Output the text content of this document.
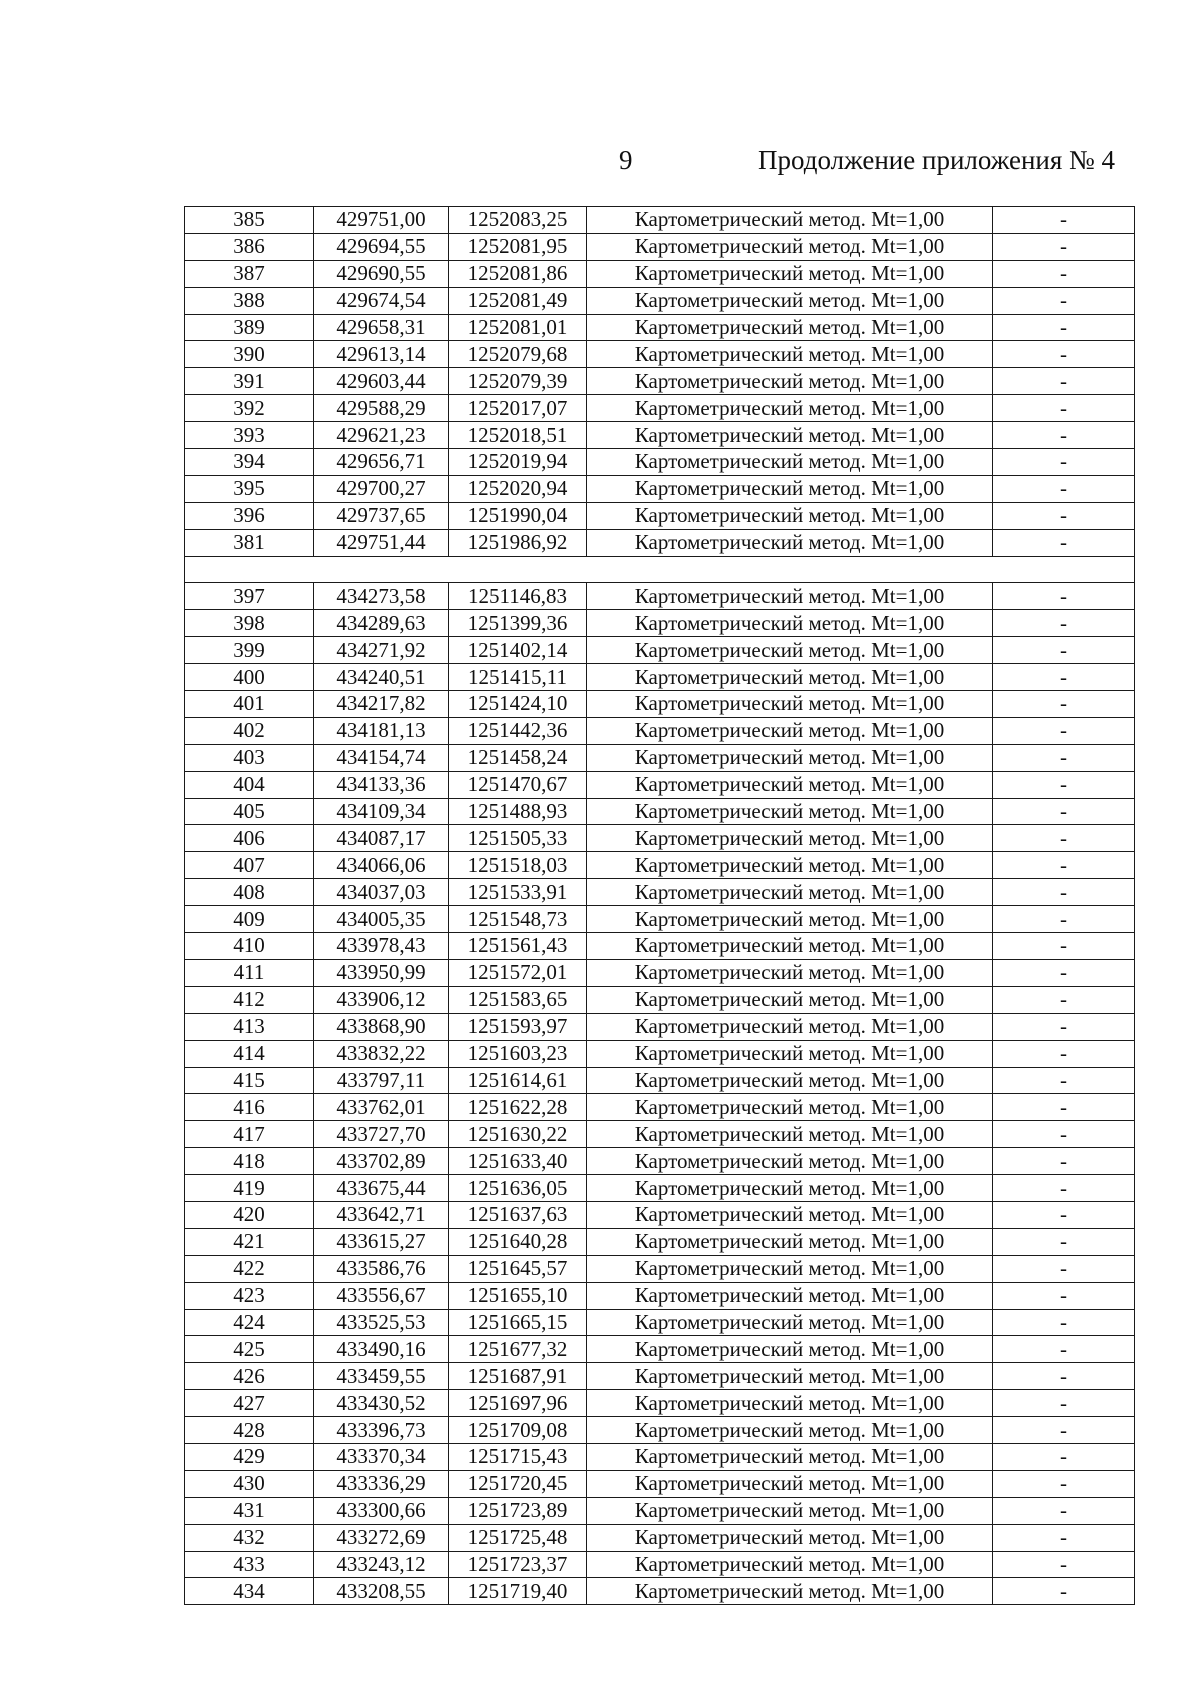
9	Продолжение приложения № 4
385	429751,00	1252083,25	Картометрический метод. Mt=1,00	-
386	429694,55	1252081,95	Картометрический метод. Mt=1,00	-
387	429690,55	1252081,86	Картометрический метод. Mt=1,00	-
388	429674,54	1252081,49	Картометрический метод. Mt=1,00	-
389	429658,31	1252081,01	Картометрический метод. Mt=1,00	-
390	429613,14	1252079,68	Картометрический метод. Mt=1,00	-
391	429603,44	1252079,39	Картометрический метод. Mt=1,00	-
392	429588,29	1252017,07	Картометрический метод. Mt=1,00	-
393	429621,23	1252018,51	Картометрический метод. Mt=1,00	-
394	429656,71	1252019,94	Картометрический метод. Mt=1,00	-
395	429700,27	1252020,94	Картометрический метод. Mt=1,00	-
396	429737,65	1251990,04	Картометрический метод. Mt=1,00	-
381	429751,44	1251986,92	Картометрический метод. Mt=1,00	-

397	434273,58	1251146,83	Картометрический метод. Mt=1,00	-
398	434289,63	1251399,36	Картометрический метод. Mt=1,00	-
399	434271,92	1251402,14	Картометрический метод. Mt=1,00	-
400	434240,51	1251415,11	Картометрический метод. Mt=1,00	-
401	434217,82	1251424,10	Картометрический метод. Mt=1,00	-
402	434181,13	1251442,36	Картометрический метод. Mt=1,00	-
403	434154,74	1251458,24	Картометрический метод. Mt=1,00	-
404	434133,36	1251470,67	Картометрический метод. Mt=1,00	-
405	434109,34	1251488,93	Картометрический метод. Mt=1,00	-
406	434087,17	1251505,33	Картометрический метод. Mt=1,00	-
407	434066,06	1251518,03	Картометрический метод. Mt=1,00	-
408	434037,03	1251533,91	Картометрический метод. Mt=1,00	-
409	434005,35	1251548,73	Картометрический метод. Mt=1,00	-
410	433978,43	1251561,43	Картометрический метод. Mt=1,00	-
411	433950,99	1251572,01	Картометрический метод. Mt=1,00	-
412	433906,12	1251583,65	Картометрический метод. Mt=1,00	-
413	433868,90	1251593,97	Картометрический метод. Mt=1,00	-
414	433832,22	1251603,23	Картометрический метод. Mt=1,00	-
415	433797,11	1251614,61	Картометрический метод. Mt=1,00	-
416	433762,01	1251622,28	Картометрический метод. Mt=1,00	-
417	433727,70	1251630,22	Картометрический метод. Mt=1,00	-
418	433702,89	1251633,40	Картометрический метод. Mt=1,00	-
419	433675,44	1251636,05	Картометрический метод. Mt=1,00	-
420	433642,71	1251637,63	Картометрический метод. Mt=1,00	-
421	433615,27	1251640,28	Картометрический метод. Mt=1,00	-
422	433586,76	1251645,57	Картометрический метод. Mt=1,00	-
423	433556,67	1251655,10	Картометрический метод. Mt=1,00	-
424	433525,53	1251665,15	Картометрический метод. Mt=1,00	-
425	433490,16	1251677,32	Картометрический метод. Mt=1,00	-
426	433459,55	1251687,91	Картометрический метод. Mt=1,00	-
427	433430,52	1251697,96	Картометрический метод. Mt=1,00	-
428	433396,73	1251709,08	Картометрический метод. Mt=1,00	-
429	433370,34	1251715,43	Картометрический метод. Mt=1,00	-
430	433336,29	1251720,45	Картометрический метод. Mt=1,00	-
431	433300,66	1251723,89	Картометрический метод. Mt=1,00	-
432	433272,69	1251725,48	Картометрический метод. Mt=1,00	-
433	433243,12	1251723,37	Картометрический метод. Mt=1,00	-
434	433208,55	1251719,40	Картометрический метод. Mt=1,00	-
